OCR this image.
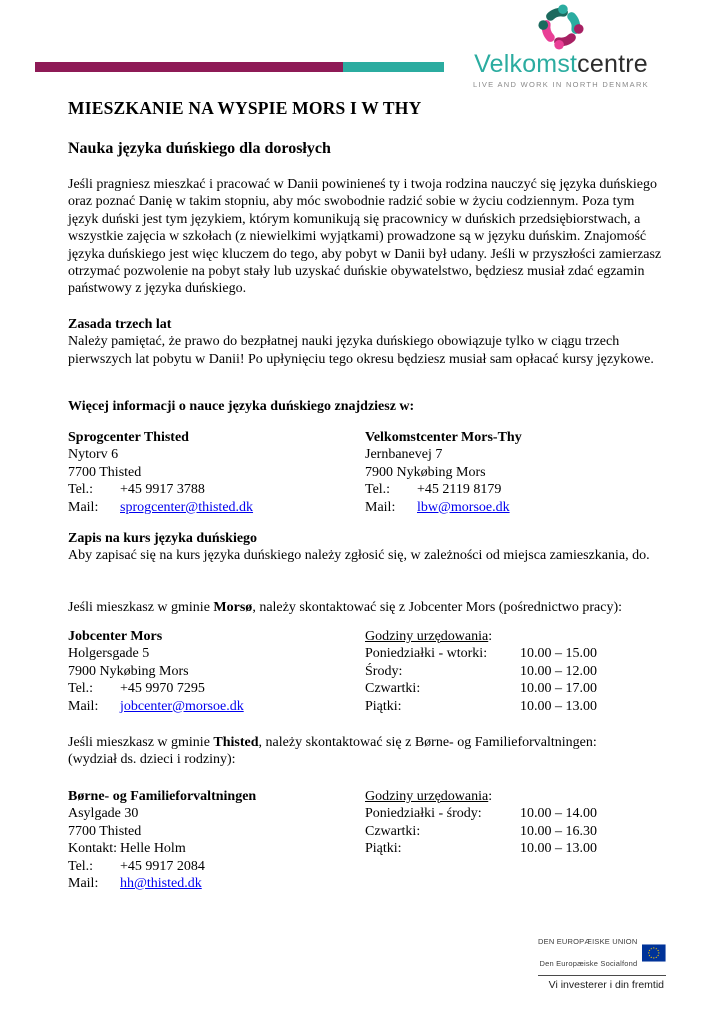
Velkomstcentre
LIVE AND WORK IN NORTH DENMARK
MIESZKANIE NA WYSPIE MORS I W THY
Nauka języka duńskiego dla dorosłych
Jeśli pragniesz mieszkać i pracować w Danii powinieneś ty i twoja rodzina nauczyć się języka duńskiego oraz poznać Danię w takim stopniu, aby móc swobodnie radzić sobie w życiu codziennym. Poza tym język duński jest tym językiem, którym komunikują się pracownicy w duńskich przedsiębiorstwach, a wszystkie zajęcia w szkołach (z niewielkimi wyjątkami) prowadzone są w języku duńskim. Znajomość języka duńskiego jest więc kluczem do tego, aby pobyt w Danii był udany. Jeśli w przyszłości zamierzasz otrzymać pozwolenie na pobyt stały lub uzyskać duńskie obywatelstwo, będziesz musiał zdać egzamin państwowy z języka duńskiego.
Zasada trzech lat
Należy pamiętać, że prawo do bezpłatnej nauki języka duńskiego obowiązuje tylko w ciągu trzech pierwszych lat pobytu w Danii! Po upłynięciu tego okresu będziesz musiał sam opłacać kursy językowe.
Więcej informacji o nauce języka duńskiego znajdziesz w:
Sprogcenter Thisted
Nytorv 6
7700 Thisted
Tel.:	+45 9917 3788
Mail:	sprogcenter@thisted.dk
Velkomstcenter Mors-Thy
Jernbanevej 7
7900 Nykøbing Mors
Tel.:	+45 2119 8179
Mail:	lbw@morsoe.dk
Zapis na kurs języka duńskiego
Aby zapisać się na kurs języka duńskiego należy zgłosić się, w zależności od miejsca zamieszkania, do.
Jeśli mieszkasz w gminie Morsø, należy skontaktować się z Jobcenter Mors (pośrednictwo pracy):
Jobcenter Mors
Holgersgade 5
7900 Nykøbing Mors
Tel.:	+45 9970 7295
Mail:	jobcenter@morsoe.dk
Godziny urzędowania:
Poniedziałki - wtorki:	10.00 – 15.00
Środy:	10.00 – 12.00
Czwartki:	10.00 – 17.00
Piątki:	10.00 – 13.00
Jeśli mieszkasz w gminie Thisted, należy skontaktować się z Børne- og Familieforvaltningen:
(wydział ds. dzieci i rodziny):
Børne- og Familieforvaltningen
Asylgade 30
7700 Thisted
Kontakt: Helle Holm
Tel.:	+45 9917 2084
Mail:	hh@thisted.dk
Godziny urzędowania:
Poniedziałki - środy:	10.00 – 14.00
Czwartki:	10.00 – 16.30
Piątki:	10.00 – 13.00
DEN EUROPÆISKE UNION
Den Europæiske Socialfond
Vi investerer i din fremtid
